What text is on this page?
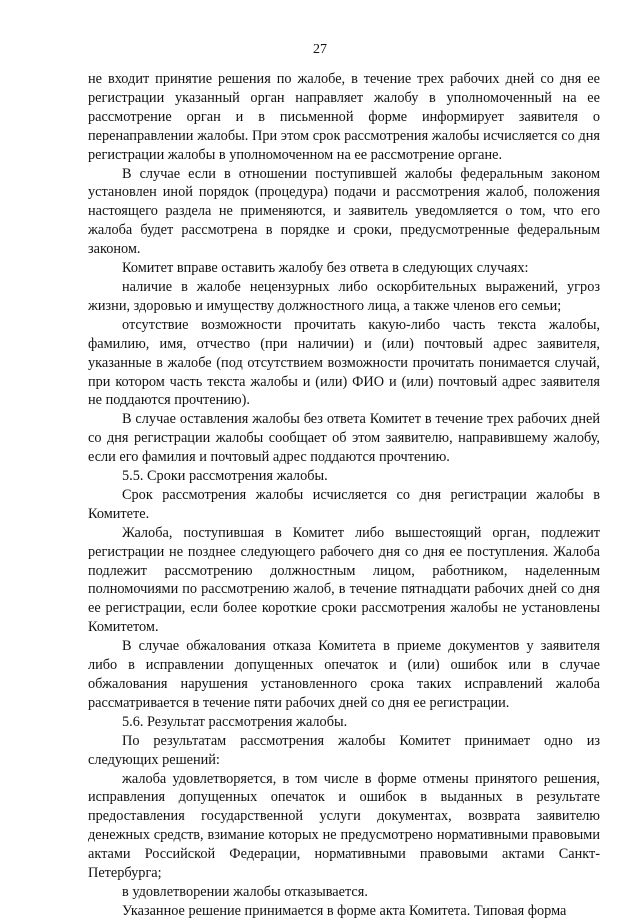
27

не входит принятие решения по жалобе, в течение трех рабочих дней со дня ее регистрации указанный орган направляет жалобу в уполномоченный на ее рассмотрение орган и в письменной форме информирует заявителя о перенаправлении жалобы. При этом срок рассмотрения жалобы исчисляется со дня регистрации жалобы в уполномоченном на ее рассмотрение органе.

В случае если в отношении поступившей жалобы федеральным законом установлен иной порядок (процедура) подачи и рассмотрения жалоб, положения настоящего раздела не применяются, и заявитель уведомляется о том, что его жалоба будет рассмотрена в порядке и сроки, предусмотренные федеральным законом.

Комитет вправе оставить жалобу без ответа в следующих случаях:

наличие в жалобе нецензурных либо оскорбительных выражений, угроз жизни, здоровью и имуществу должностного лица, а также членов его семьи;

отсутствие возможности прочитать какую-либо часть текста жалобы, фамилию, имя, отчество (при наличии) и (или) почтовый адрес заявителя, указанные в жалобе (под отсутствием возможности прочитать понимается случай, при котором часть текста жалобы и (или) ФИО и (или) почтовый адрес заявителя не поддаются прочтению).

В случае оставления жалобы без ответа Комитет в течение трех рабочих дней со дня регистрации жалобы сообщает об этом заявителю, направившему жалобу, если его фамилия и почтовый адрес поддаются прочтению.

5.5. Сроки рассмотрения жалобы.

Срок рассмотрения жалобы исчисляется со дня регистрации жалобы в Комитете.

Жалоба, поступившая в Комитет либо вышестоящий орган, подлежит регистрации не позднее следующего рабочего дня со дня ее поступления. Жалоба подлежит рассмотрению должностным лицом, работником, наделенным полномочиями по рассмотрению жалоб, в течение пятнадцати рабочих дней со дня ее регистрации, если более короткие сроки рассмотрения жалобы не установлены Комитетом.

В случае обжалования отказа Комитета в приеме документов у заявителя либо в исправлении допущенных опечаток и (или) ошибок или в случае обжалования нарушения установленного срока таких исправлений жалоба рассматривается в течение пяти рабочих дней со дня ее регистрации.

5.6. Результат рассмотрения жалобы.

По результатам рассмотрения жалобы Комитет принимает одно из следующих решений:

жалоба удовлетворяется, в том числе в форме отмены принятого решения, исправления допущенных опечаток и ошибок в выданных в результате предоставления государственной услуги документах, возврата заявителю денежных средств, взимание которых не предусмотрено нормативными правовыми актами Российской Федерации, нормативными правовыми актами Санкт-Петербурга;

в удовлетворении жалобы отказывается.

Указанное решение принимается в форме акта Комитета. Типовая форма
